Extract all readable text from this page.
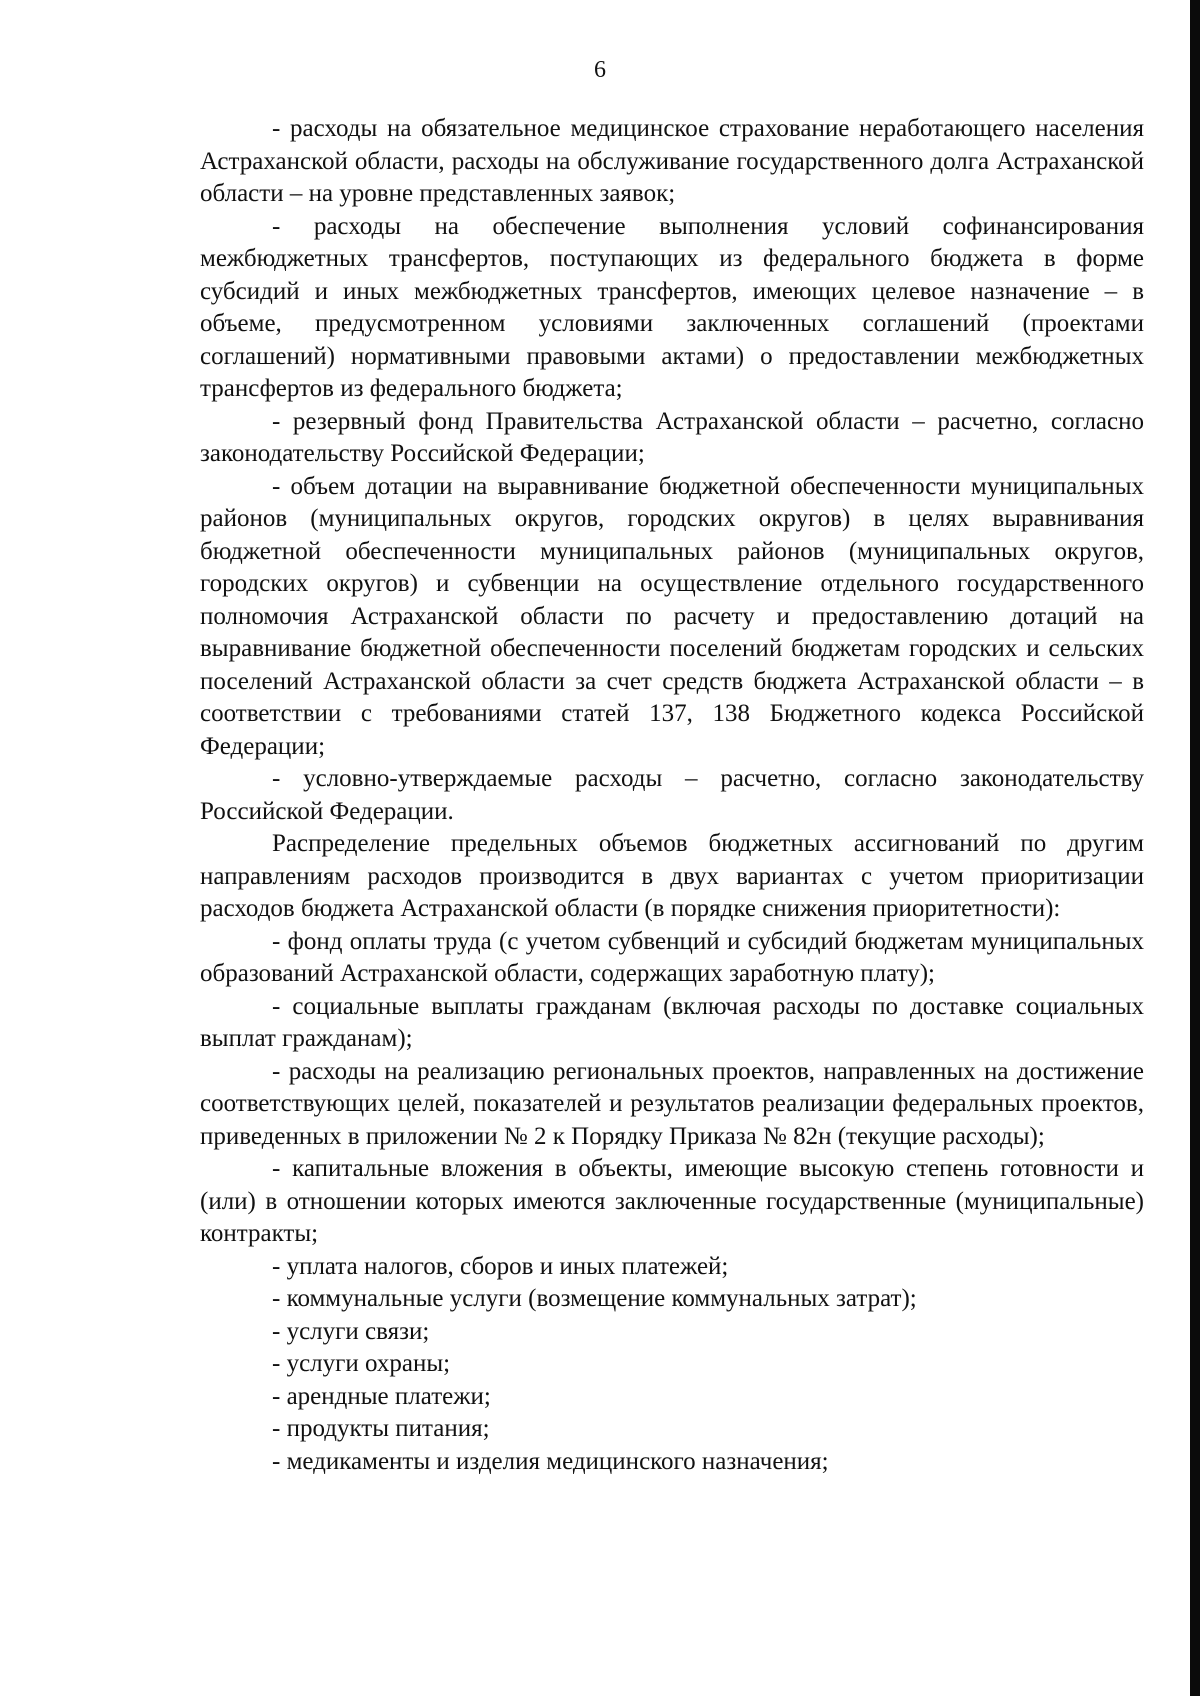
6

- расходы на обязательное медицинское страхование неработающего населения Астраханской области, расходы на обслуживание государственного долга Астраханской области – на уровне представленных заявок;

- расходы на обеспечение выполнения условий софинансирования межбюджетных трансфертов, поступающих из федерального бюджета в форме субсидий и иных межбюджетных трансфертов, имеющих целевое назначение – в объеме, предусмотренном условиями заключенных соглашений (проектами соглашений) нормативными правовыми актами) о предоставлении межбюджетных трансфертов из федерального бюджета;

- резервный фонд Правительства Астраханской области – расчетно, согласно законодательству Российской Федерации;

- объем дотации на выравнивание бюджетной обеспеченности муниципальных районов (муниципальных округов, городских округов) в целях выравнивания бюджетной обеспеченности муниципальных районов (муниципальных округов, городских округов) и субвенции на осуществление отдельного государственного полномочия Астраханской области по расчету и предоставлению дотаций на выравнивание бюджетной обеспеченности поселений бюджетам городских и сельских поселений Астраханской области за счет средств бюджета Астраханской области – в соответствии с требованиями статей 137, 138 Бюджетного кодекса Российской Федерации;

- условно-утверждаемые расходы – расчетно, согласно законодательству Российской Федерации.

Распределение предельных объемов бюджетных ассигнований по другим направлениям расходов производится в двух вариантах с учетом приоритизации расходов бюджета Астраханской области (в порядке снижения приоритетности):

- фонд оплаты труда (с учетом субвенций и субсидий бюджетам муниципальных образований Астраханской области, содержащих заработную плату);

- социальные выплаты гражданам (включая расходы по доставке социальных выплат гражданам);

- расходы на реализацию региональных проектов, направленных на достижение соответствующих целей, показателей и результатов реализации федеральных проектов, приведенных в приложении № 2 к Порядку Приказа № 82н (текущие расходы);

- капитальные вложения в объекты, имеющие высокую степень готовности и (или) в отношении которых имеются заключенные государственные (муниципальные) контракты;

- уплата налогов, сборов и иных платежей;

- коммунальные услуги (возмещение коммунальных затрат);

- услуги связи;

- услуги охраны;

- арендные платежи;

- продукты питания;

- медикаменты и изделия медицинского назначения;
